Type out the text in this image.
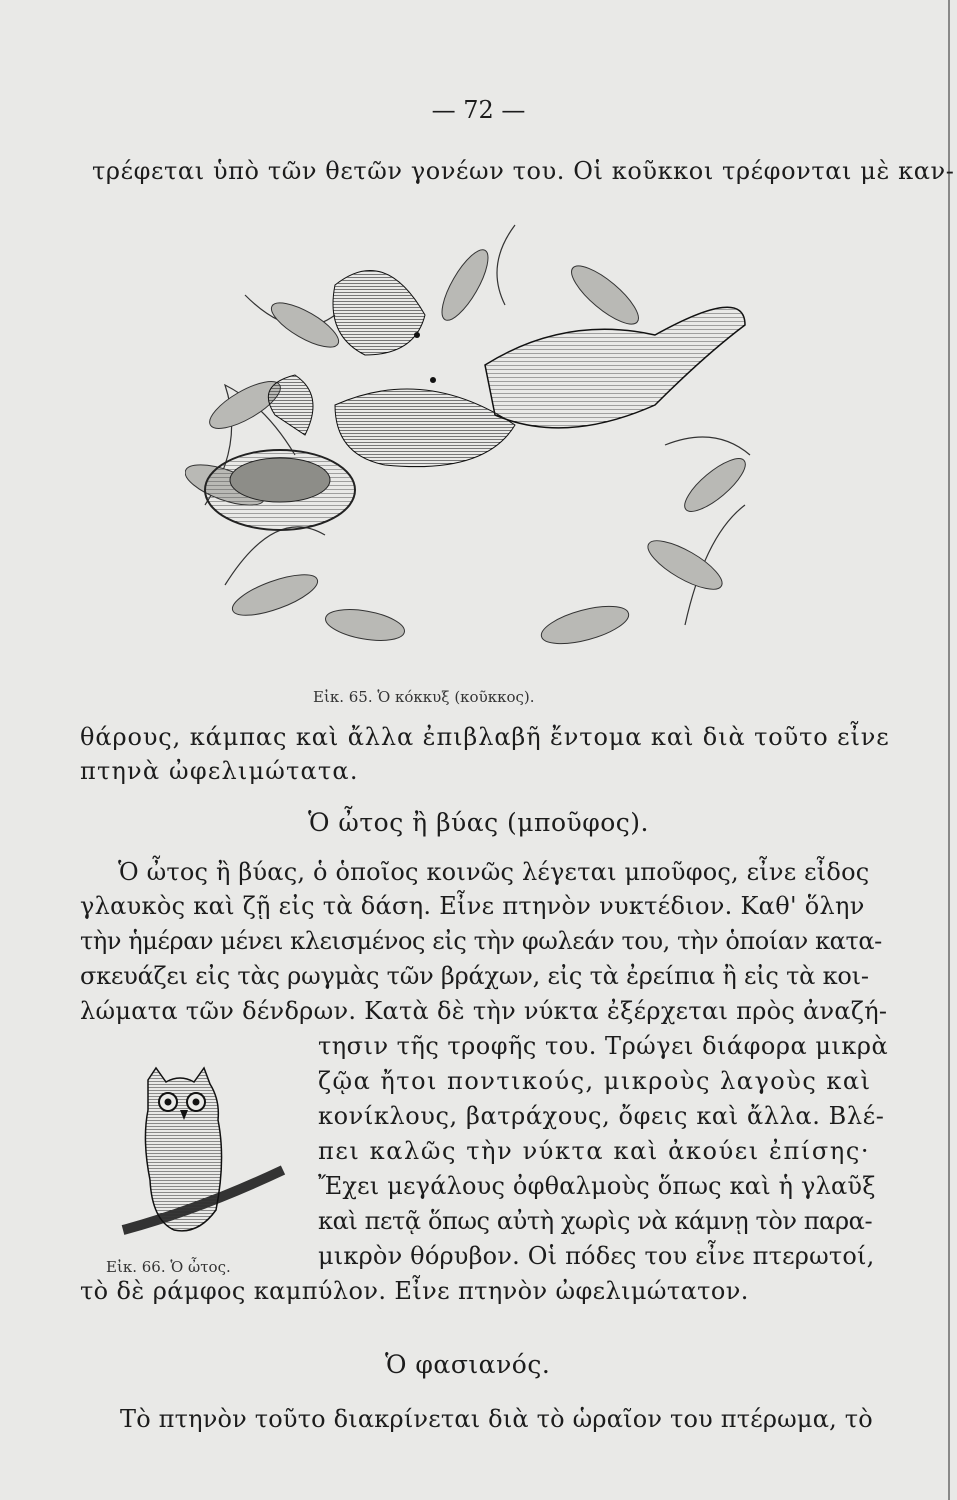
— 72 —
τρέφεται ὑπὸ τῶν θετῶν γονέων του. Οἱ κοῦκκοι τρέφονται μὲ καν-
Εἰκ. 65. Ὁ κόκκυξ (κοῦκκος).
θάρους, κάμπας καὶ ἄλλα ἐπιβλαβῆ ἔντομα καὶ διὰ τοῦτο εἶνε
πτηνὰ ὠφελιμώτατα.
Ὁ ὦτος ἢ βύας (μποῦφος).
Ὁ ὦτος ἢ βύας, ὁ ὁποῖος κοινῶς λέγεται μποῦφος, εἶνε εἶδος
γλαυκὸς καὶ ζῇ εἰς τὰ δάση. Εἶνε πτηνὸν νυκτέδιον. Καθ' ὅλην
τὴν ἡμέραν μένει κλεισμένος εἰς τὴν φωλεάν του, τὴν ὁποίαν κατα-
σκευάζει εἰς τὰς ρωγμὰς τῶν βράχων, εἰς τὰ ἐρείπια ἢ εἰς τὰ κοι-
λώματα τῶν δένδρων. Κατὰ δὲ τὴν νύκτα ἐξέρχεται πρὸς ἀναζή-
Εἰκ. 66. Ὁ ὦτος.
τησιν τῆς τροφῆς του. Τρώγει διάφορα μικρὰ
ζῷα ἤτοι ποντικούς, μικροὺς λαγοὺς καὶ
κονίκλους, βατράχους, ὄφεις καὶ ἄλλα. Βλέ-
πει καλῶς τὴν νύκτα καὶ ἀκούει ἐπίσης·
Ἔχει μεγάλους ὀφθαλμοὺς ὅπως καὶ ἡ γλαῦξ
καὶ πετᾷ ὅπως αὐτὴ χωρὶς νὰ κάμνῃ τὸν παρα-
μικρὸν θόρυβον. Οἱ πόδες του εἶνε πτερωτοί,
τὸ δὲ ράμφος καμπύλον. Εἶνε πτηνὸν ὠφελιμώτατον.
Ὁ φασιανός.
Τὸ πτηνὸν τοῦτο διακρίνεται διὰ τὸ ὡραῖον του πτέρωμα, τὸ
